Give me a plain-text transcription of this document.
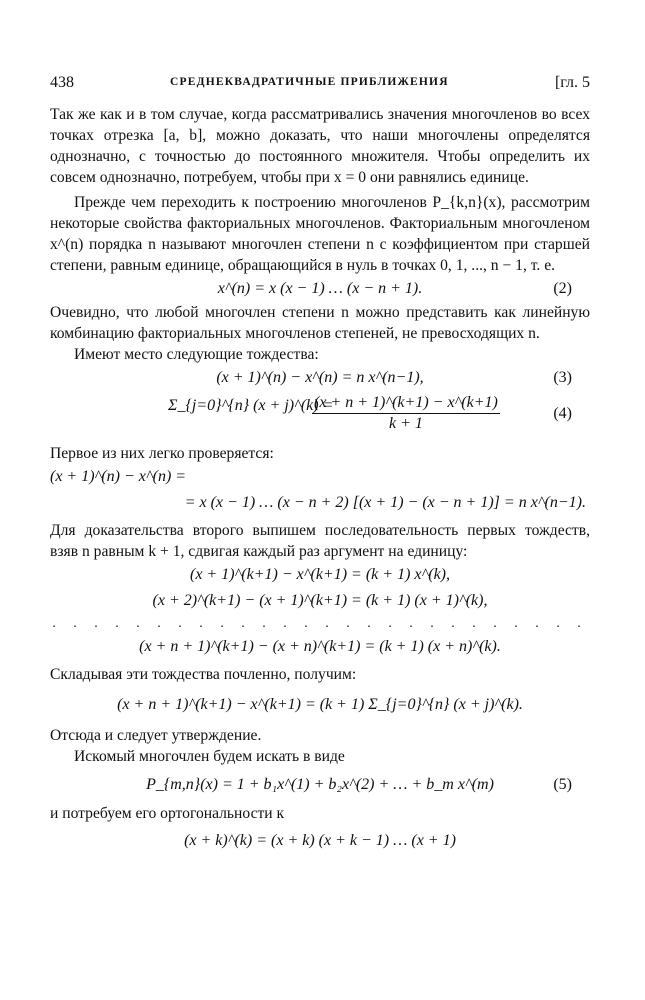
438	СРЕДНЕКВАДРАТИЧНЫЕ ПРИБЛИЖЕНИЯ	[гл. 5

Так же как и в том случае, когда рассматривались значения многочленов во всех точках отрезка [a, b], можно доказать, что наши многочлены определятся однозначно, с точностью до постоянного множителя. Чтобы определить их совсем однозначно, потребуем, чтобы при x = 0 они равнялись единице.

Прежде чем переходить к построению многочленов P_{k,n}(x), рассмотрим некоторые свойства факториальных многочленов. Факториальным многочленом x^(n) порядка n называют многочлен степени n с коэффициентом при старшей степени, равным единице, обращающийся в нуль в точках 0, 1, ..., n − 1, т. е.

x^(n) = x (x − 1) … (x − n + 1).	(2)

Очевидно, что любой многочлен степени n можно представить как линейную комбинацию факториальных многочленов степеней, не превосходящих n.

Имеют место следующие тождества:

(x + 1)^(n) − x^(n) = n x^(n−1),	(3)
Σ_{j=0}^{n} (x + j)^(k) =
$\frac{(x + n + 1)\^{}(k+1) - x\^{}(k+1)}{k + 1}$	(4)

Первое из них легко проверяется:

(x + 1)^(n) − x^(n) =
= x (x − 1) … (x − n + 2) [(x + 1) − (x − n + 1)] = n x^(n−1).

Для доказательства второго выпишем последовательность первых тождеств, взяв n равным k + 1, сдвигая каждый раз аргумент на единицу:

(x + 1)^(k+1) − x^(k+1) = (k + 1) x^(k),
(x + 2)^(k+1) − (x + 1)^(k+1) = (k + 1) (x + 1)^(k),
. . . . . . . . . . . . . . . . . . . . . . . . . .
(x + n + 1)^(k+1) − (x + n)^(k+1) = (k + 1) (x + n)^(k).

Складывая эти тождества почленно, получим:

(x + n + 1)^(k+1) − x^(k+1) = (k + 1) Σ_{j=0}^{n} (x + j)^(k).

Отсюда и следует утверждение.

Искомый многочлен будем искать в виде

P_{m,n}(x) = 1 + b₁x^(1) + b₂x^(2) + … + b_m x^(m)	(5)

и потребуем его ортогональности к

(x + k)^(k) = (x + k) (x + k − 1) … (x + 1)
